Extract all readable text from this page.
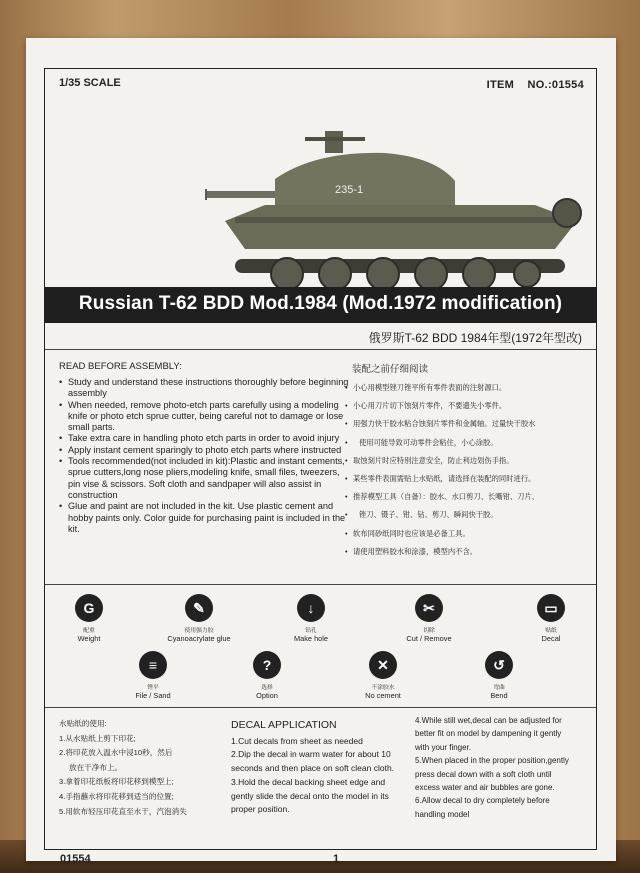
1/35 SCALE	ITEM NO.:01554
235-1
Russian T-62 BDD Mod.1984 (Mod.1972 modification)
俄罗斯T-62 BDD 1984年型(1972年型改)
READ BEFORE ASSEMBLY:	装配之前仔细阅读
• Study and understand these instructions thoroughly before beginning assembly
• When needed, remove photo-etch parts carefully using a modeling knife or photo etch sprue cutter, being careful not to damage or lose small parts.
• Take extra care in handling photo etch parts in order to avoid injury
• Apply instant cement sparingly to photo etch parts where instructed
• Tools recommended(not included in kit):Plastic and instant cements, sprue cutters,long nose pliers,modeling knife, small files, tweezers, pin vise & scissors. Soft cloth and sandpaper will also assist in construction
• Glue and paint are not included in the kit. Use plastic cement and hobby paints only. Color guide for purchasing paint is included in the kit.
• 小心用模型锉刀锉平所有零件表面的注射源口。
• 小心用刀片切下蚀刻片零件，不要遗失小零件。
• 用强力快干胶水粘合蚀刻片零件和金属轴。过量快干胶水
• 使用可能导致可动零件会粘住，小心涂胶。
• 取蚀刻片时应特别注意安全，防止利边划伤手指。
• 某些零件表面需贴上水贴纸，请选择在装配的同时进行。
• 推荐模型工具（自备）：胶水、水口剪刀、长嘴钳、刀片、
• 锉刀、镊子、钳、钻、剪刀、瞬间快干胶。
• 软布同砂纸同时也应该是必备工具。
• 请使用塑料胶水和涂漆，模型内不含。
G
配重
Weight
✎
使用强力胶
Cyanoacrylate glue
↓
钻孔
Make hole
✂
切除
Cut / Remove
▭
贴纸
Decal
≡
锉平
File / Sand
?
选择
Option
✕
不涂胶水
No cement
↺
弯曲
Bend
水贴纸的使用:
1.从水贴纸上剪下印花;
2.将印花放入温水中浸10秒，然后
放在干净布上。
3.拿着印花纸板将印花移到模型上;
4.手指蘸水将印花移到适当的位置;
5.用软布轻压印花直至水干，汽泡消失
DECAL APPLICATION
1.Cut decals from sheet as needed
2.Dip the decal in warm water for about 10
seconds and then place on soft clean cloth.
3.Hold the decal backing sheet edge and
gently slide the decal onto the model in its
proper position.
4.While still wet,decal can be adjusted for
better fit on model by dampening it gently
with your finger.
5.When placed in the proper position,gently
press decal down with a soft cloth until
excess water and air bubbles are gone.
6.Allow decal to dry completely before
handling model
01554	1
